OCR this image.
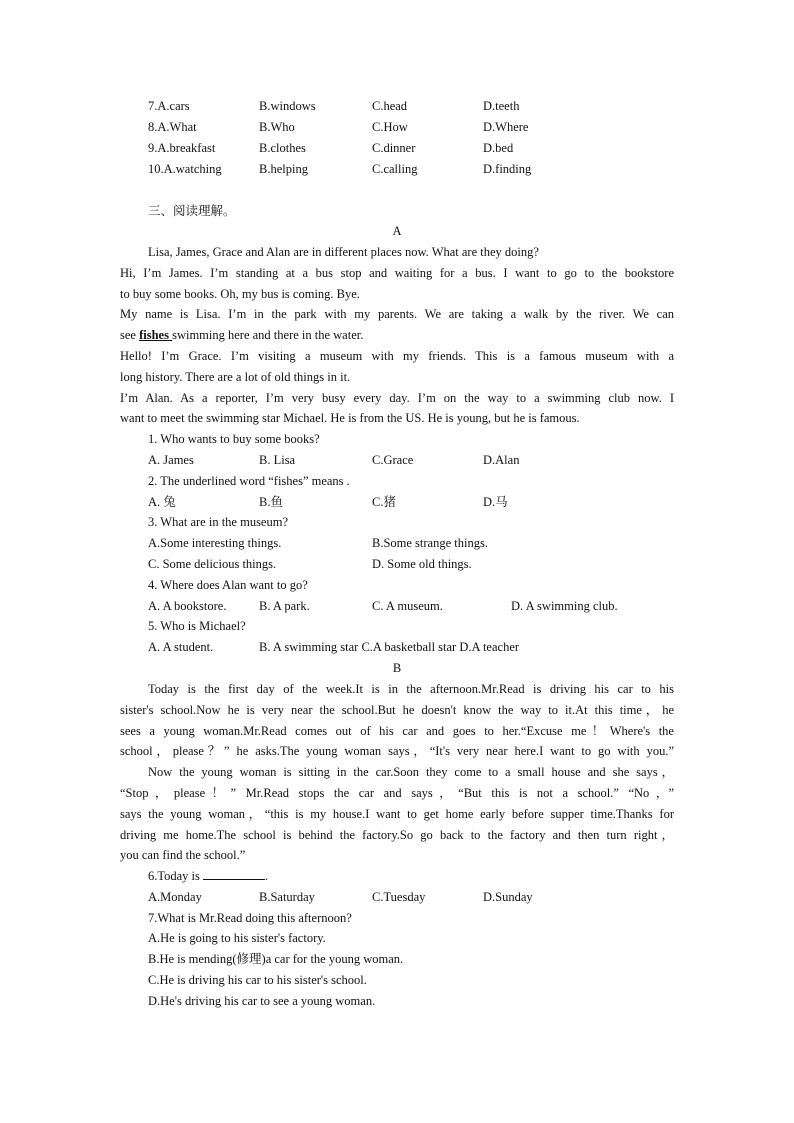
7.A.cars	B.windows	C.head	D.teeth
8.A.What	B.Who	C.How	D.Where
9.A.breakfast	B.clothes	C.dinner	D.bed
10.A.watching	B.helping	C.calling	D.finding
三、阅读理解。
A
Lisa, James, Grace and Alan are in different places now. What are they doing?
Hi, I’m James. I’m standing at a bus stop and waiting for a bus. I want to go to the bookstore
to buy some books. Oh, my bus is coming. Bye.
My name is Lisa. I’m in the park with my parents. We are taking a walk by the river. We can
see fishes swimming here and there in the water.
Hello! I’m Grace. I’m visiting a museum with my friends. This is a famous museum with a
long history. There are a lot of old things in it.
I’m Alan. As a reporter, I’m very busy every day. I’m on the way to a swimming club now. I
want to meet the swimming star Michael. He is from the US. He is young, but he is famous.
1. Who wants to buy some books?
A. James	B. Lisa	C.Grace	D.Alan
2. The underlined word “fishes” means .
A. 兔	B.鱼	C.猪	D.马
3. What are in the museum?
A.Some interesting things.	B.Some strange things.
C. Some delicious things.	D. Some old things.
4. Where does Alan want to go?
A. A bookstore.	B. A park.	C. A museum.	D. A swimming club.
5. Who is Michael?
A. A student.	B. A swimming star C.A basketball star D.A teacher
B
Today is the first day of the week.It is in the afternoon.Mr.Read is driving his car to his
sister's school.Now he is very near the school.But he doesn't know the way to it.At this time，he
sees a young woman.Mr.Read comes out of his car and goes to her.“Excuse me！Where's the
school，please？” he asks.The young woman says，“It's very near here.I want to go with you.”
Now the young woman is sitting in the car.Soon they come to a small house and she says，
“Stop，please！” Mr.Read stops the car and says，“But this is not a school.” “No，”
says the young woman，“this is my house.I want to get home early before supper time.Thanks for
driving me home.The school is behind the factory.So go back to the factory and then turn right，
you can find the school.”
6.Today is	.
A.Monday	B.Saturday	C.Tuesday	D.Sunday
7.What is Mr.Read doing this afternoon?
A.He is going to his sister's factory.
B.He is mending(修理)a car for the young woman.
C.He is driving his car to his sister's school.
D.He's driving his car to see a young woman.
